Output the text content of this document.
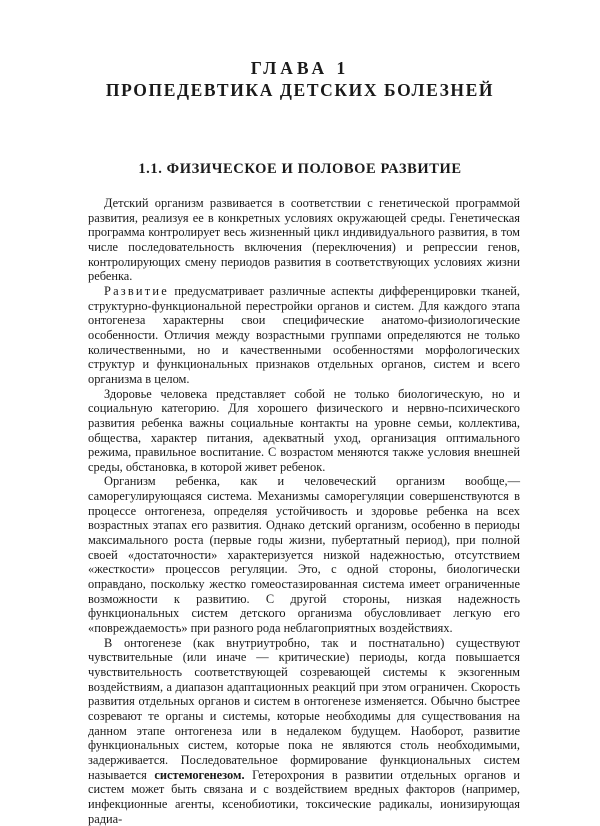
ГЛАВА 1
ПРОПЕДЕВТИКА ДЕТСКИХ БОЛЕЗНЕЙ
1.1. ФИЗИЧЕСКОЕ И ПОЛОВОЕ РАЗВИТИЕ

Детский организм развивается в соответствии с генетической программой развития, реализуя ее в конкретных условиях окружающей среды. Генетическая программа контролирует весь жизненный цикл индивидуального развития, в том числе последовательность включения (переключения) и репрессии генов, контролирующих смену периодов развития в соответствующих условиях жизни ребенка.

Развитие предусматривает различные аспекты дифференцировки тканей, структурно-функциональной перестройки органов и систем. Для каждого этапа онтогенеза характерны свои специфические анатомо-физиологические особенности. Отличия между возрастными группами определяются не только количественными, но и качественными особенностями морфологических структур и функциональных признаков отдельных органов, систем и всего организма в целом.

Здоровье человека представляет собой не только биологическую, но и социальную категорию. Для хорошего физического и нервно-психического развития ребенка важны социальные контакты на уровне семьи, коллектива, общества, характер питания, адекватный уход, организация оптимального режима, правильное воспитание. С возрастом меняются также условия внешней среды, обстановка, в которой живет ребенок.

Организм ребенка, как и человеческий организм вообще,— саморегулирующаяся система. Механизмы саморегуляции совершенствуются в процессе онтогенеза, определяя устойчивость и здоровье ребенка на всех возрастных этапах его развития. Однако детский организм, особенно в периоды максимального роста (первые годы жизни, пубертатный период), при полной своей «достаточности» характеризуется низкой надежностью, отсутствием «жесткости» процессов регуляции. Это, с одной стороны, биологически оправдано, поскольку жестко гомеостазированная система имеет ограниченные возможности к развитию. С другой стороны, низкая надежность функциональных систем детского организма обусловливает легкую его «повреждаемость» при разного рода неблагоприятных воздействиях.

В онтогенезе (как внутриутробно, так и постнатально) существуют чувствительные (или иначе — критические) периоды, когда повышается чувствительность соответствующей созревающей системы к экзогенным воздействиям, а диапазон адаптационных реакций при этом ограничен. Скорость развития отдельных органов и систем в онтогенезе изменяется. Обычно быстрее созревают те органы и системы, которые необходимы для существования на данном этапе онтогенеза или в недалеком будущем. Наоборот, развитие функциональных систем, которые пока не являются столь необходимыми, задерживается. Последовательное формирование функциональных систем называется системогенезом. Гетерохрония в развитии отдельных органов и систем может быть связана и с воздействием вредных факторов (например, инфекционные агенты, ксенобиотики, токсические радикалы, ионизирующая радиа-
